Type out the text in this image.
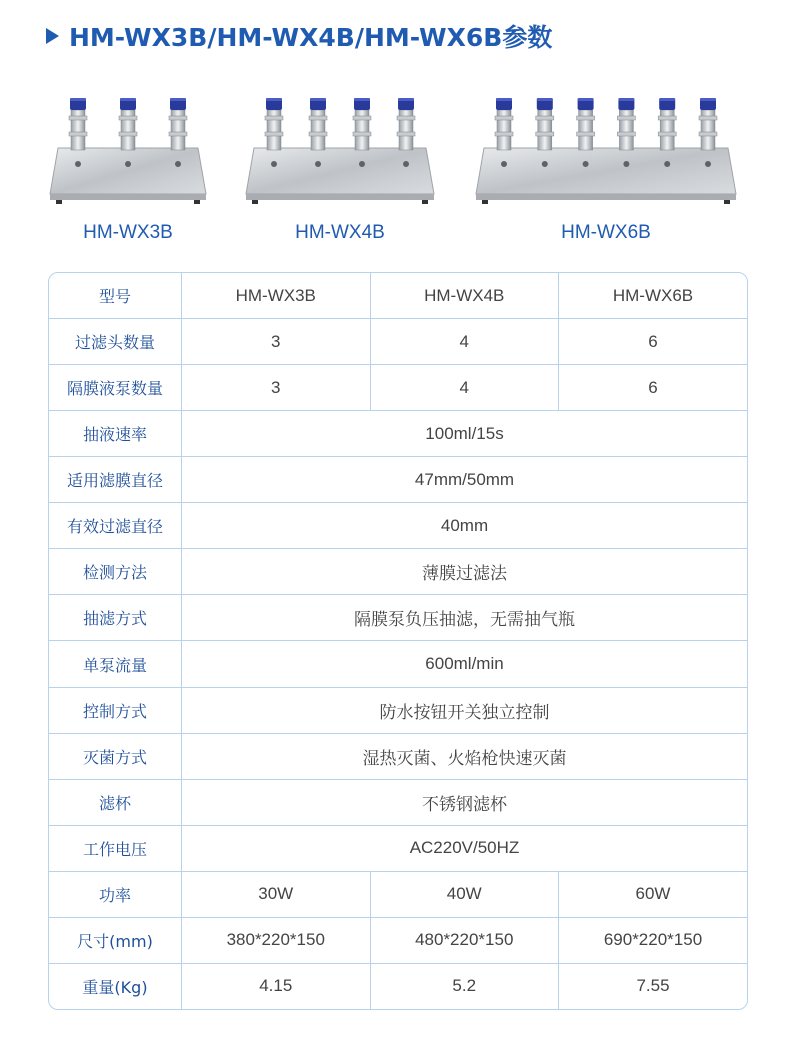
HM-WX3B/HM-WX4B/HM-WX6B参数
HM-WX3B	HM-WX4B	HM-WX6B
型号	HM-WX3B	HM-WX4B	HM-WX6B
过滤头数量	3	4	6
隔膜液泵数量	3	4	6
抽液速率	100ml/15s		
适用滤膜直径	47mm/50mm		
有效过滤直径	40mm		
检测方法	薄膜过滤法		
抽滤方式	隔膜泵负压抽滤，无需抽气瓶		
单泵流量	600ml/min		
控制方式	防水按钮开关独立控制		
灭菌方式	湿热灭菌、火焰枪快速灭菌		
滤杯	不锈钢滤杯		
工作电压	AC220V/50HZ		
功率	30W	40W	60W
尺寸(mm)	380*220*150	480*220*150	690*220*150
重量(Kg)	4.15	5.2	7.55
